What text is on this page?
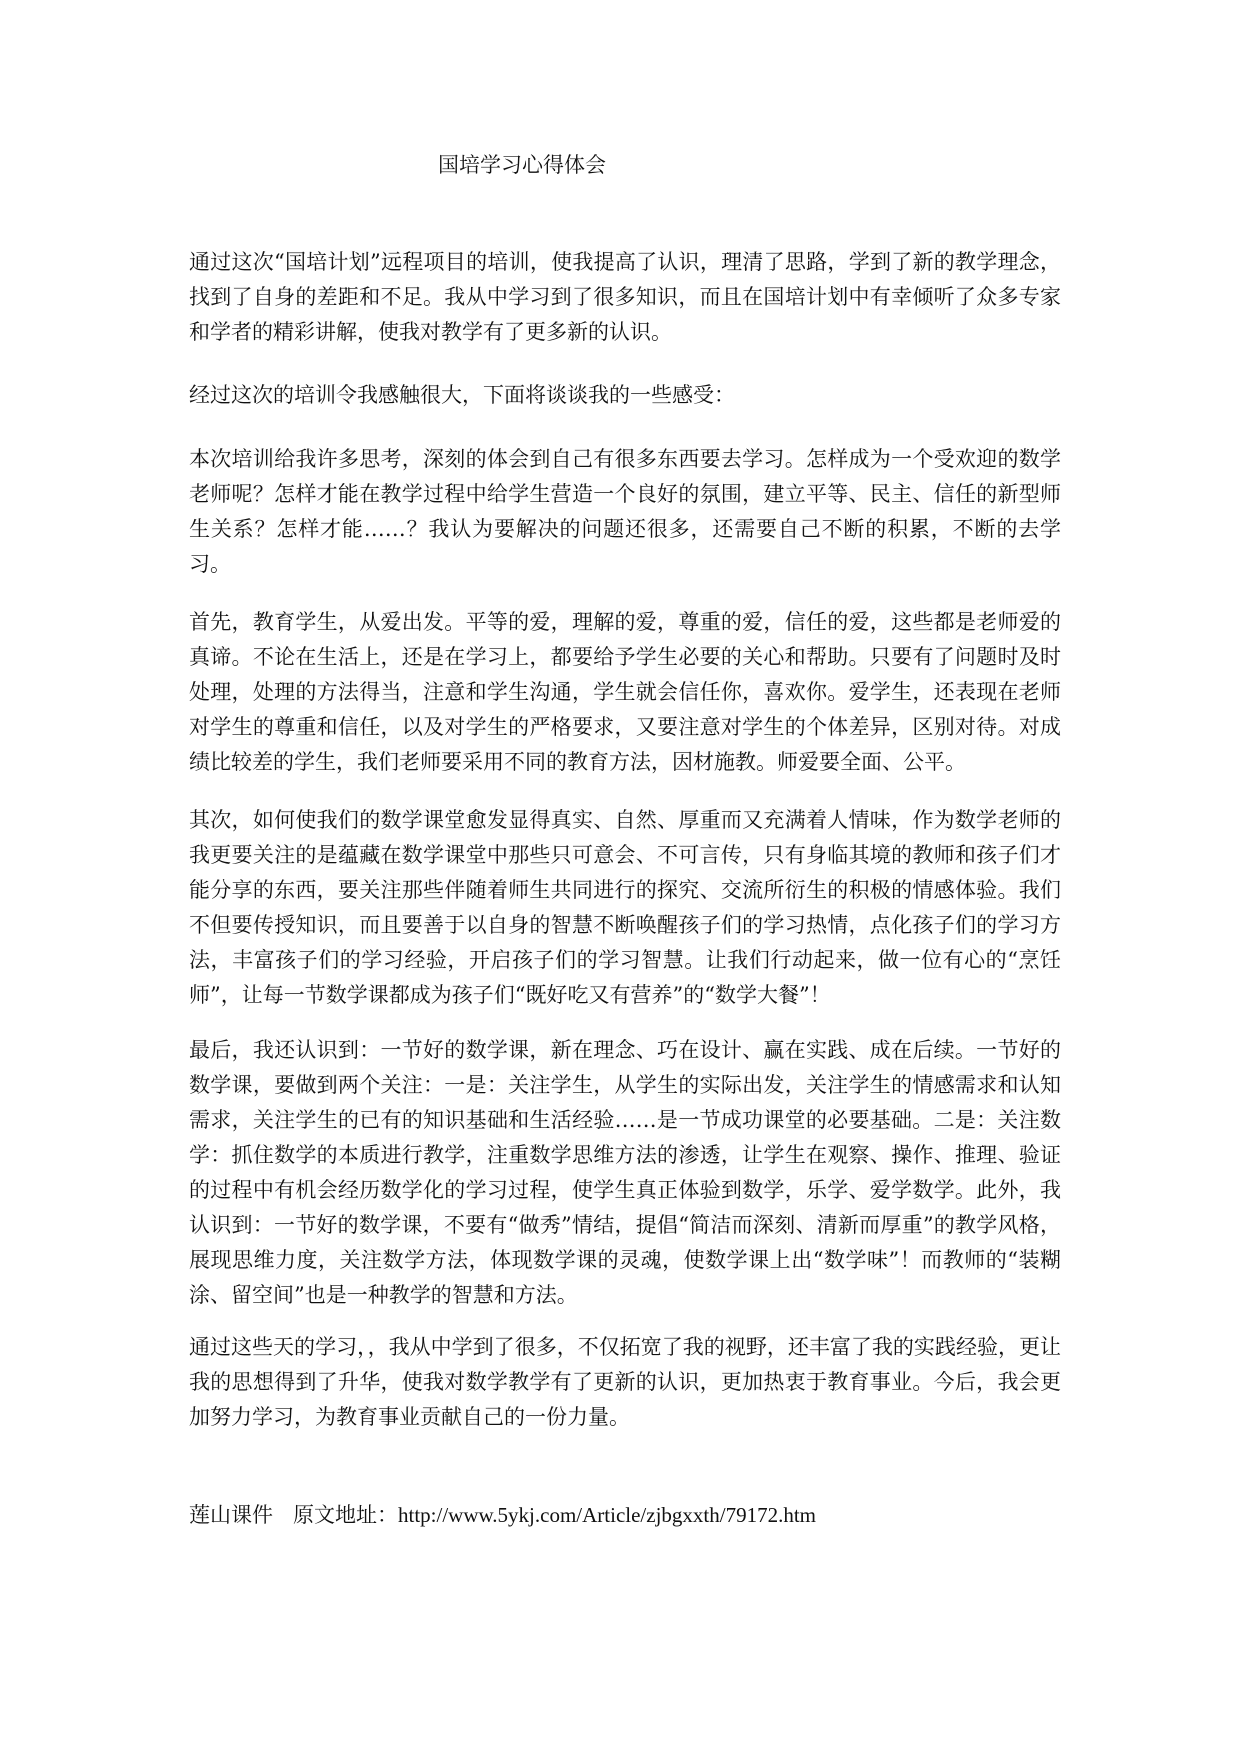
国培学习心得体会

通过这次“国培计划”远程项目的培训，使我提高了认识，理清了思路，学到了新的教学理念，找到了自身的差距和不足。我从中学习到了很多知识，而且在国培计划中有幸倾听了众多专家和学者的精彩讲解，使我对教学有了更多新的认识。

经过这次的培训令我感触很大，下面将谈谈我的一些感受：

本次培训给我许多思考，深刻的体会到自己有很多东西要去学习。怎样成为一个受欢迎的数学老师呢？怎样才能在教学过程中给学生营造一个良好的氛围，建立平等、民主、信任的新型师生关系？怎样才能……？我认为要解决的问题还很多，还需要自己不断的积累，不断的去学习。

首先，教育学生，从爱出发。平等的爱，理解的爱，尊重的爱，信任的爱，这些都是老师爱的真谛。不论在生活上，还是在学习上，都要给予学生必要的关心和帮助。只要有了问题时及时处理，处理的方法得当，注意和学生沟通，学生就会信任你，喜欢你。爱学生，还表现在老师对学生的尊重和信任，以及对学生的严格要求，又要注意对学生的个体差异，区别对待。对成绩比较差的学生，我们老师要采用不同的教育方法，因材施教。师爱要全面、公平。

其次，如何使我们的数学课堂愈发显得真实、自然、厚重而又充满着人情味，作为数学老师的我更要关注的是蕴藏在数学课堂中那些只可意会、不可言传，只有身临其境的教师和孩子们才能分享的东西，要关注那些伴随着师生共同进行的探究、交流所衍生的积极的情感体验。我们不但要传授知识，而且要善于以自身的智慧不断唤醒孩子们的学习热情，点化孩子们的学习方法，丰富孩子们的学习经验，开启孩子们的学习智慧。让我们行动起来，做一位有心的“烹饪师”，让每一节数学课都成为孩子们“既好吃又有营养”的“数学大餐”！

最后，我还认识到：一节好的数学课，新在理念、巧在设计、赢在实践、成在后续。一节好的数学课，要做到两个关注：一是：关注学生，从学生的实际出发，关注学生的情感需求和认知需求，关注学生的已有的知识基础和生活经验……是一节成功课堂的必要基础。二是：关注数学：抓住数学的本质进行教学，注重数学思维方法的渗透，让学生在观察、操作、推理、验证的过程中有机会经历数学化的学习过程，使学生真正体验到数学，乐学、爱学数学。此外，我认识到：一节好的数学课，不要有“做秀”情结，提倡“简洁而深刻、清新而厚重”的教学风格，展现思维力度，关注数学方法，体现数学课的灵魂，使数学课上出“数学味”！而教师的“装糊涂、留空间”也是一种教学的智慧和方法。

通过这些天的学习，，我从中学到了很多，不仅拓宽了我的视野，还丰富了我的实践经验，更让我的思想得到了升华，使我对数学教学有了更新的认识，更加热衷于教育事业。今后，我会更加努力学习，为教育事业贡献自己的一份力量。

莲山课件 原文地址：http://www.5ykj.com/Article/zjbgxxth/79172.htm
